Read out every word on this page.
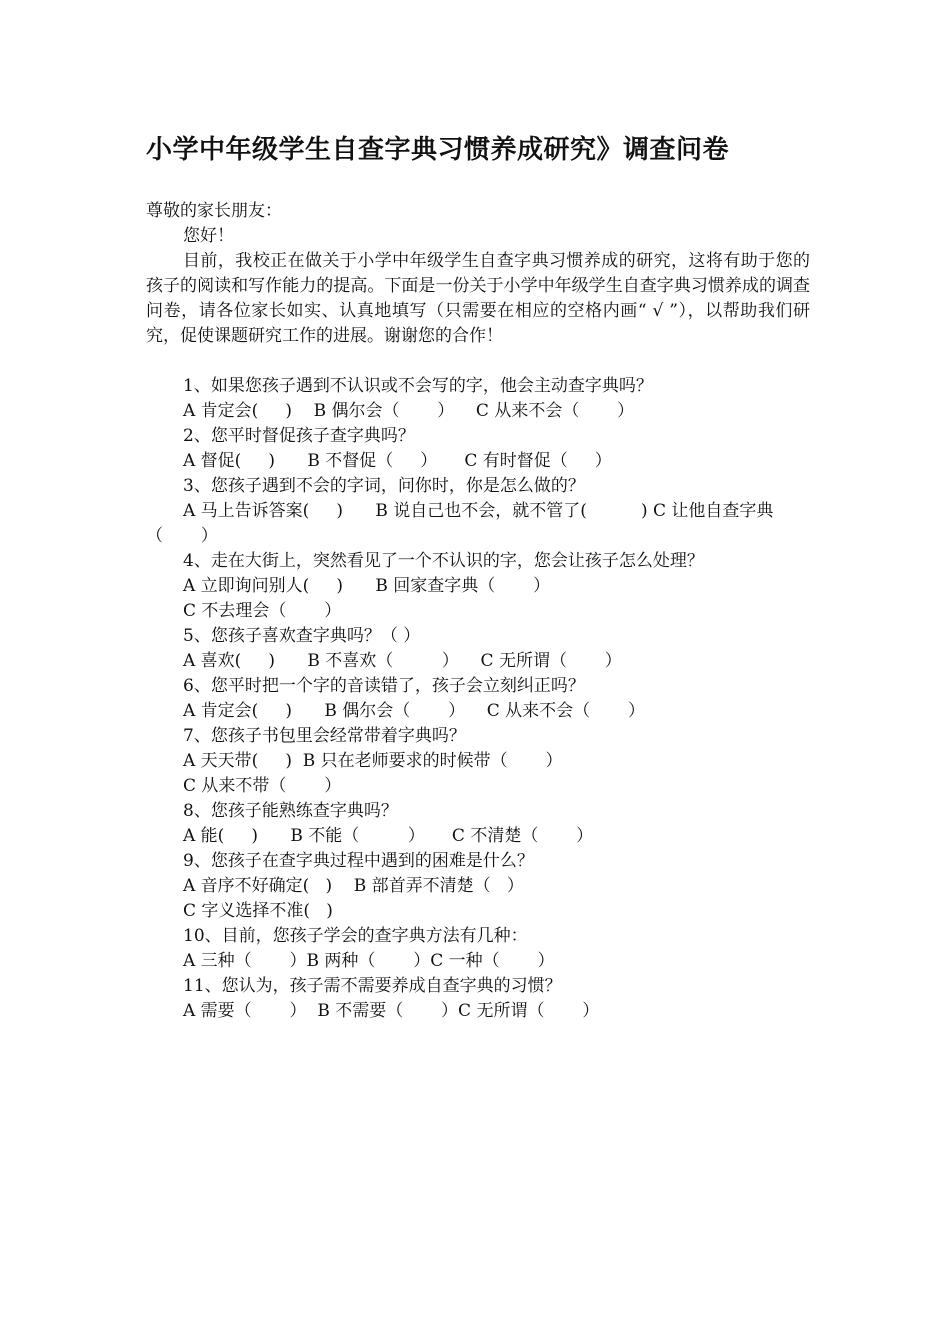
小学中年级学生自查字典习惯养成研究》调查问卷
尊敬的家长朋友：
您好！
目前，我校正在做关于小学中年级学生自查字典习惯养成的研究，这将有助于您的孩子的阅读和写作能力的提高。下面是一份关于小学中年级学生自查字典习惯养成的调查问卷，请各位家长如实、认真地填写（只需要在相应的空格内画“ √ ”），以帮助我们研究，促使课题研究工作的进展。谢谢您的合作！
1、如果您孩子遇到不认识或不会写的字，他会主动查字典吗？
A 肯定会(     )    B 偶尔会（       ）    C 从来不会（       ）
2、您平时督促孩子查字典吗？
A 督促(     )      B 不督促（     ）     C 有时督促（     ）
3、您孩子遇到不会的字词，问你时，你是怎么做的？
A 马上告诉答案(     )      B 说自己也不会，就不管了(          ) C 让他自查字典
（       ）
4、走在大街上，突然看见了一个不认识的字，您会让孩子怎么处理？
A 立即询问别人(     )      B 回家查字典（       ）
C 不去理会（       ）
5、您孩子喜欢查字典吗？（ ）
A 喜欢(     )      B 不喜欢（         ）    C 无所谓（       ）
6、您平时把一个字的音读错了，孩子会立刻纠正吗？
A 肯定会(     )      B 偶尔会（       ）    C 从来不会（       ）
7、您孩子书包里会经常带着字典吗？
A 天天带(     )  B 只在老师要求的时候带（       ）
C 从来不带（       ）
8、您孩子能熟练查字典吗？
A 能(     )      B 不能（         ）     C 不清楚（       ）
9、您孩子在查字典过程中遇到的困难是什么？
A 音序不好确定(   )    B 部首弄不清楚（   ）
C 字义选择不准(   )
10、目前，您孩子学会的查字典方法有几种：
A 三种（       ）B 两种（       ）C 一种（       ）
11、您认为，孩子需不需要养成自查字典的习惯？
A 需要（       ）  B 不需要（       ）C 无所谓（       ）
